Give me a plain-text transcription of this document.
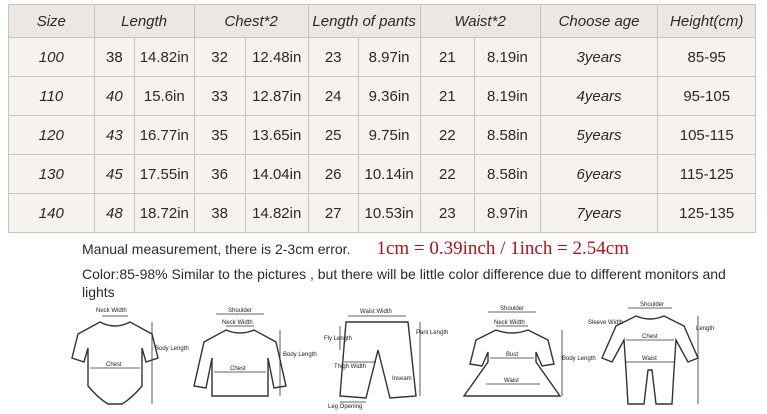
Size	Length		Chest*2		Length of pants		Waist*2		Choose age	Height(cm)
100	38	14.82in	32	12.48in	23	8.97in	21	8.19in	3years	85-95
110	40	15.6in	33	12.87in	24	9.36in	21	8.19in	4years	95-105
120	43	16.77in	35	13.65in	25	9.75in	22	8.58in	5years	105-115
130	45	17.55in	36	14.04in	26	10.14in	22	8.58in	6years	115-125
140	48	18.72in	38	14.82in	27	10.53in	23	8.97in	7years	125-135
Manual measurement, there is 2-3cm error. 1cm = 0.39inch / 1inch = 2.54cm
Color:85-98% Similar to the pictures , but there will be little color difference due to different monitors and lights
Neck Width
Chest
Body Length
Shoulder
Neck Width
Chest
Body Length
Waist Width
Fly Length
Pant Length
Thigh Width
Inseam
Leg Opening
Shoulder
Neck Width
Bust
Body Length
Waist
Shoulder
Sleeve Width
Chest
Waist
Length
